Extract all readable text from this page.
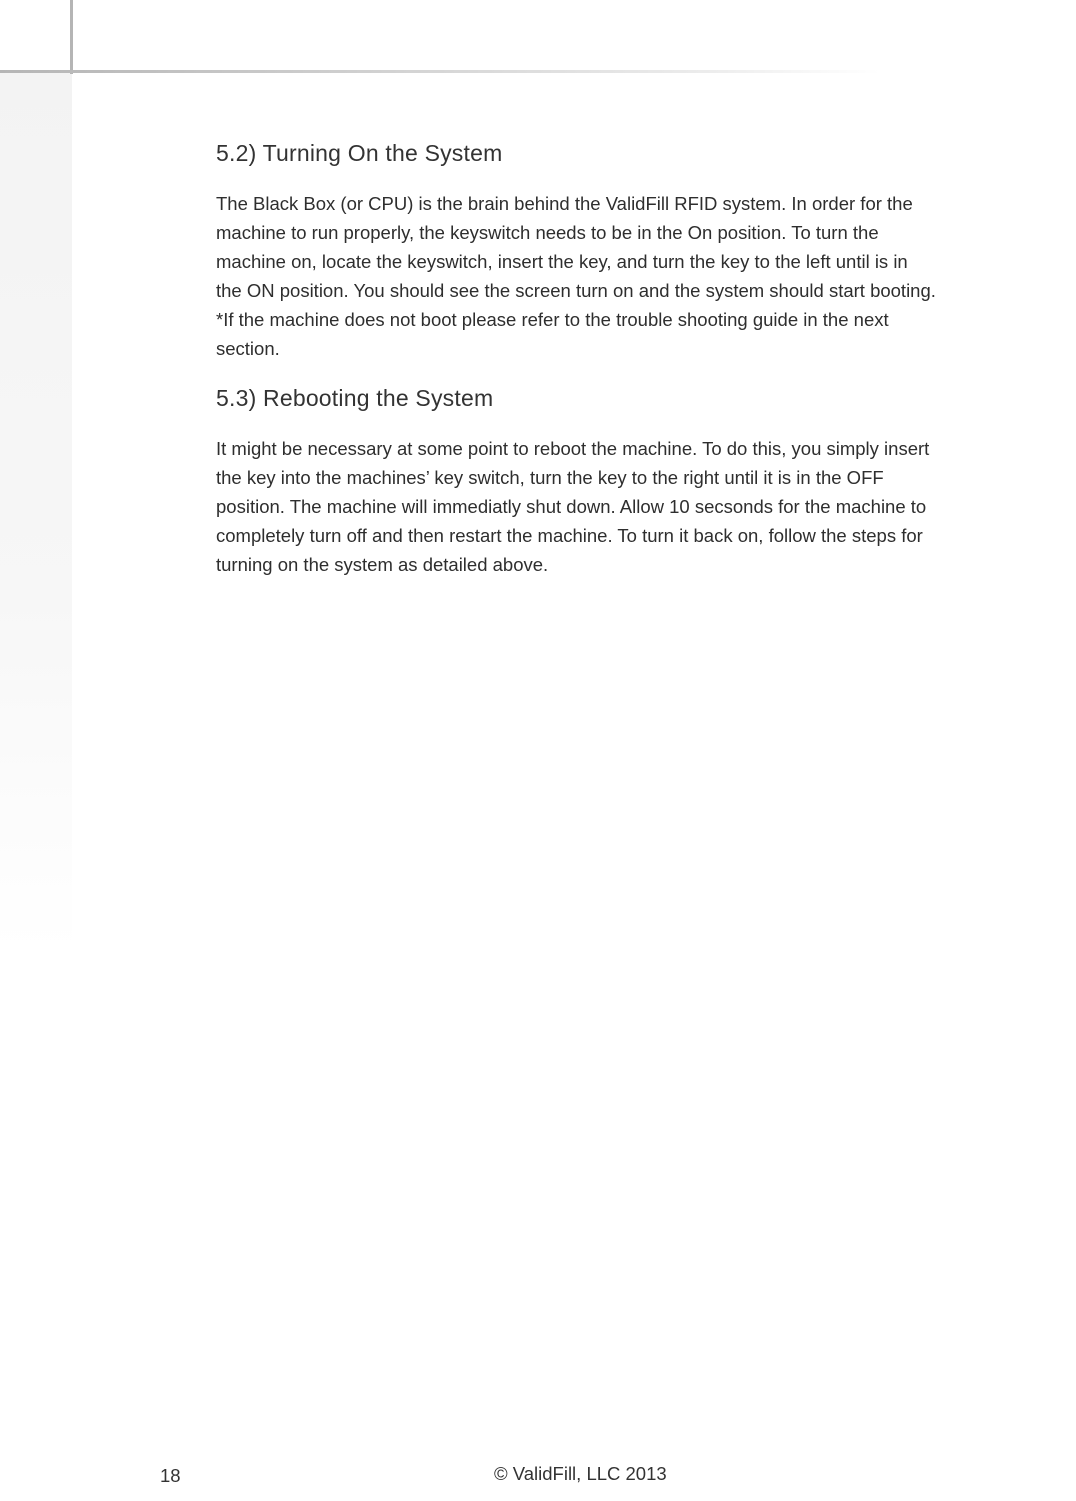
5.2) Turning On the System

The Black Box (or CPU) is the brain behind the ValidFill RFID system. In order for the
machine to run properly, the keyswitch needs to be in the On position. To turn the
machine on, locate the keyswitch, insert the key, and turn the key to the left until is in
the ON position. You should see the screen turn on and the system should start booting.
*If the machine does not boot please refer to the trouble shooting guide in the next
section.

5.3) Rebooting the System

It might be necessary at some point to reboot the machine. To do this, you simply insert
the key into the machines’ key switch, turn the key to the right until it is in the OFF
position. The machine will immediatly shut down. Allow 10 secsonds for the machine to
completely turn off and then restart the machine. To turn it back on, follow the steps for
turning on the system as detailed above.

18	© ValidFill, LLC 2013
